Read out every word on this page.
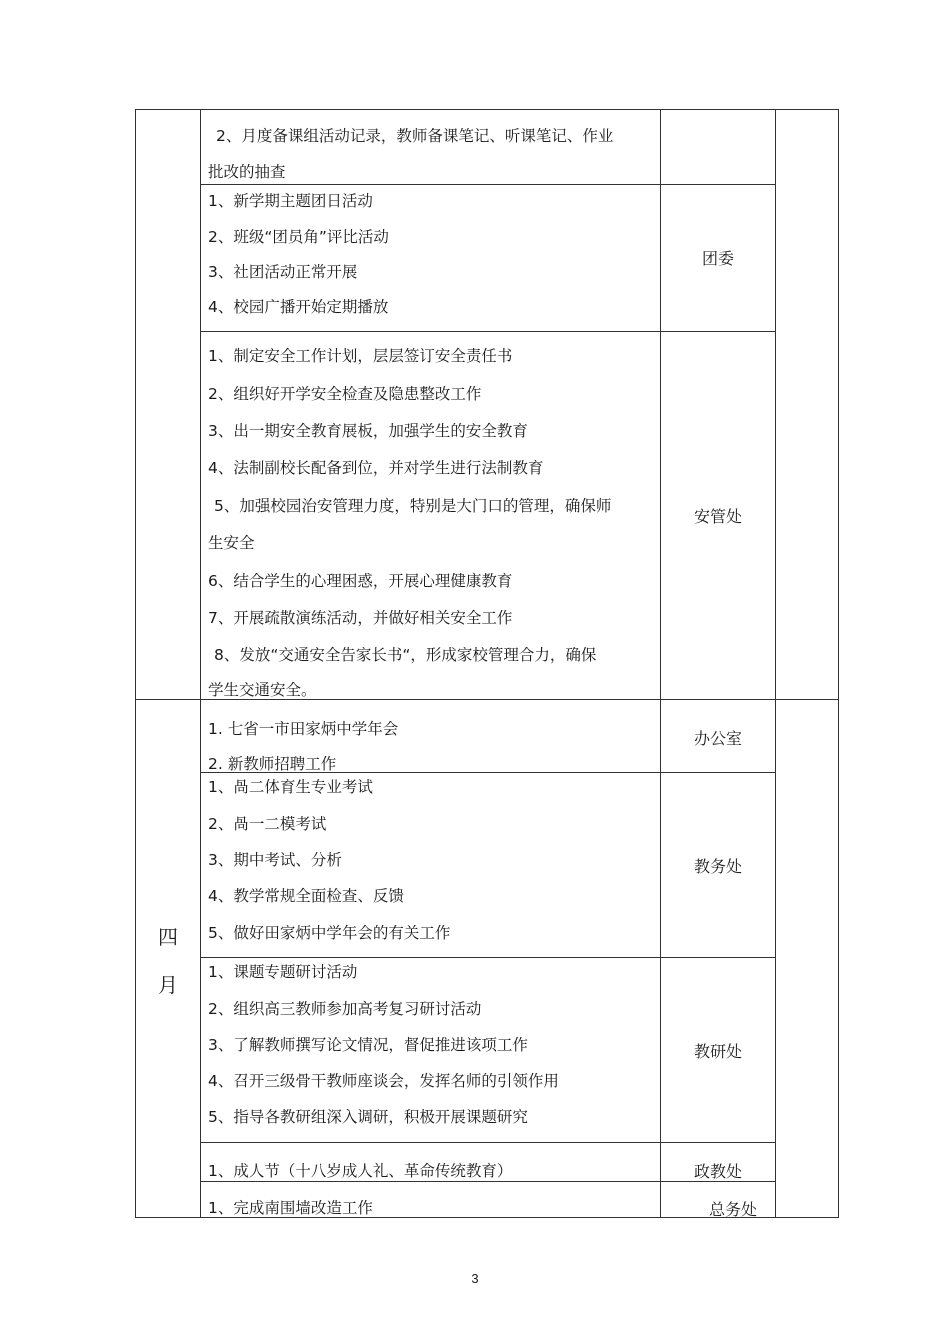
2、月度备课组活动记录，教师备课笔记、听课笔记、作业
批改的抽查
1、新学期主题团日活动
2、班级“团员角”评比活动
3、社团活动正常开展
4、校园广播开始定期播放
团委
1、制定安全工作计划，层层签订安全责任书
2、组织好开学安全检查及隐患整改工作
3、出一期安全教育展板，加强学生的安全教育
4、法制副校长配备到位，并对学生进行法制教育
5、加强校园治安管理力度，特别是大门口的管理，确保师
生安全
6、结合学生的心理困惑，开展心理健康教育
7、开展疏散演练活动，并做好相关安全工作
8、发放“交通安全告家长书“，形成家校管理合力，确保
学生交通安全。
安管处
四
月
1. 七省一市田家炳中学年会
2. 新教师招聘工作
办公室
1、咼二体育生专业考试
2、咼一二模考试
3、期中考试、分析
4、教学常规全面检查、反馈
5、做好田家炳中学年会的有关工作
教务处
1、课题专题研讨活动
2、组织高三教师参加高考复习研讨活动
3、了解教师撰写论文情况，督促推进该项工作
4、召开三级骨干教师座谈会，发挥名师的引领作用
5、指导各教研组深入调研，积极开展课题研究
教研处
1、成人节（十八岁成人礼、革命传统教育）	政教处
1、完成南围墙改造工作	总务处
3
